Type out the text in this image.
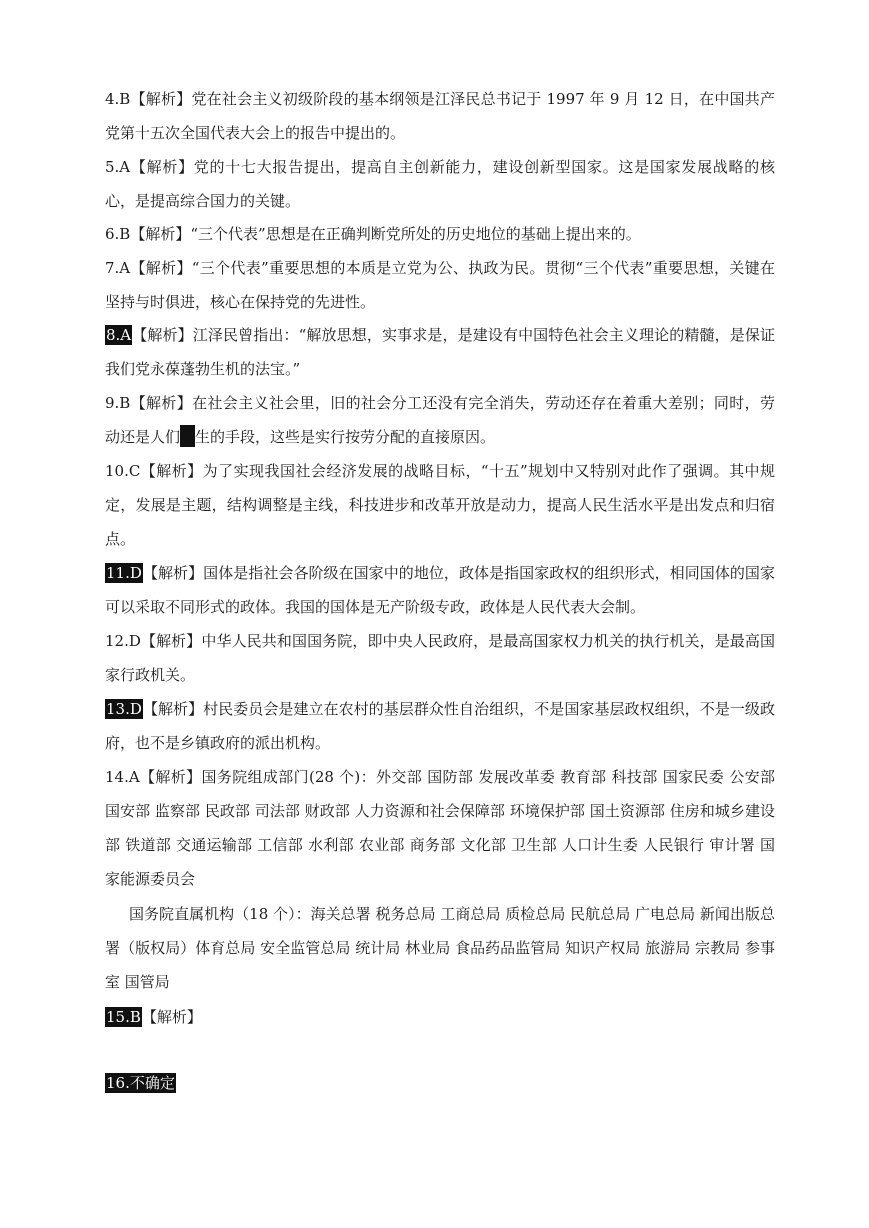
4.B【解析】党在社会主义初级阶段的基本纲领是江泽民总书记于 1997 年 9 月 12 日，在中国共产党第十五次全国代表大会上的报告中提出的。
5.A【解析】党的十七大报告提出，提高自主创新能力，建设创新型国家。这是国家发展战略的核心，是提高综合国力的关键。
6.B【解析】“三个代表”思想是在正确判断党所处的历史地位的基础上提出来的。
7.A【解析】“三个代表”重要思想的本质是立党为公、执政为民。贯彻“三个代表”重要思想，关键在坚持与时俱进，核心在保持党的先进性。
8.A【解析】江泽民曾指出：“解放思想，实事求是，是建设有中国特色社会主义理论的精髓，是保证我们党永葆蓬勃生机的法宝。”
9.B【解析】在社会主义社会里，旧的社会分工还没有完全消失，劳动还存在着重大差别；同时，劳动还是人们 生的手段，这些是实行按劳分配的直接原因。
10.C【解析】为了实现我国社会经济发展的战略目标，“十五”规划中又特别对此作了强调。其中规定，发展是主题，结构调整是主线，科技进步和改革开放是动力，提高人民生活水平是出发点和归宿点。
11.D【解析】国体是指社会各阶级在国家中的地位，政体是指国家政权的组织形式，相同国体的国家可以采取不同形式的政体。我国的国体是无产阶级专政，政体是人民代表大会制。
12.D【解析】中华人民共和国国务院，即中央人民政府，是最高国家权力机关的执行机关，是最高国家行政机关。
13.D【解析】村民委员会是建立在农村的基层群众性自治组织，不是国家基层政权组织，不是一级政府，也不是乡镇政府的派出机构。
14.A【解析】国务院组成部门(28 个)：外交部 国防部 发展改革委 教育部 科技部 国家民委 公安部 国安部 监察部 民政部 司法部 财政部 人力资源和社会保障部 环境保护部 国土资源部 住房和城乡建设部 铁道部 交通运输部 工信部 水利部 农业部 商务部 文化部 卫生部 人口计生委 人民银行 审计署 国家能源委员会
国务院直属机构（18 个）：海关总署 税务总局 工商总局 质检总局 民航总局 广电总局 新闻出版总署（版权局）体育总局 安全监管总局 统计局 林业局 食品药品监管局 知识产权局 旅游局 宗教局 参事室 国管局
15.B【解析】
16.不确定
